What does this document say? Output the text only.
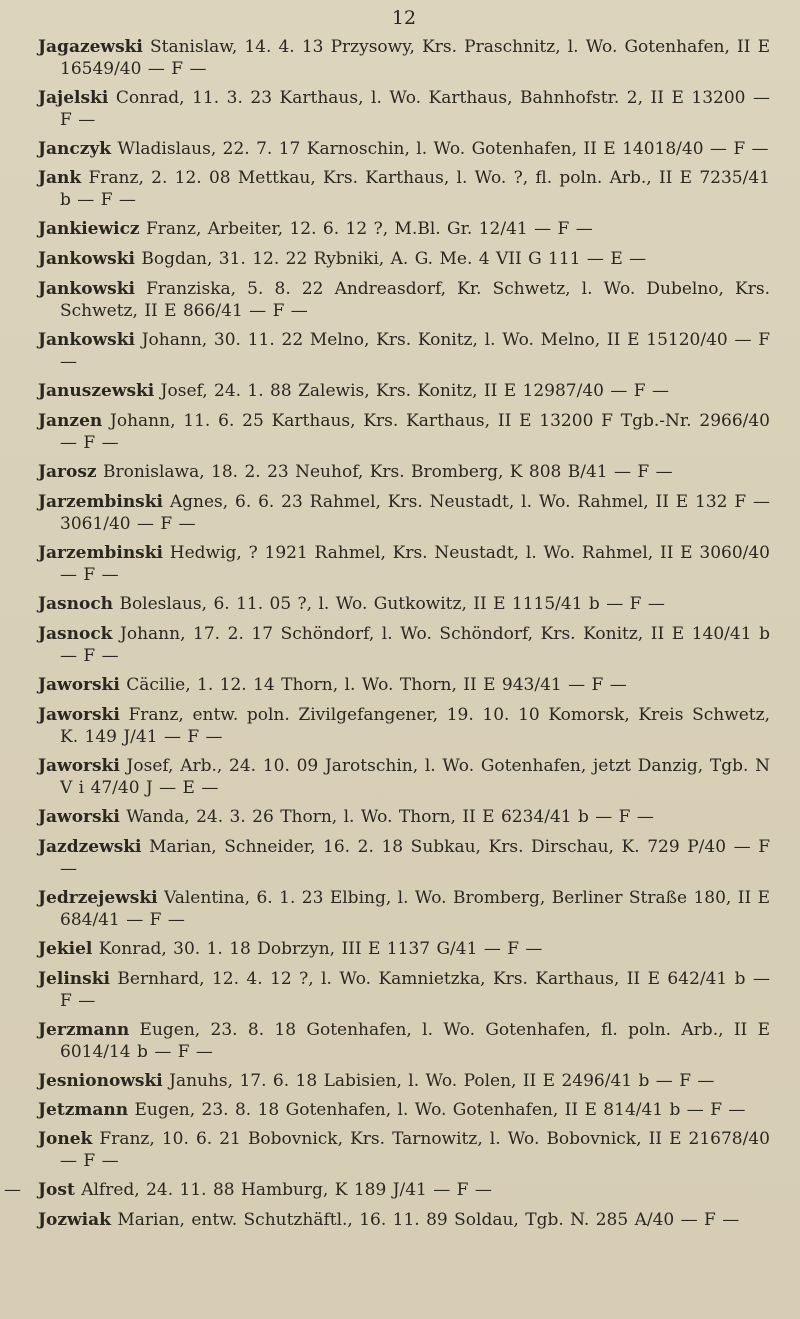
12
Jagazewski Stanislaw, 14. 4. 13 Przysowy, Krs. Praschnitz, l. Wo. Gotenhafen, II E 16549/40 — F —
Jajelski Conrad, 11. 3. 23 Karthaus, l. Wo. Karthaus, Bahnhofstr. 2, II E 13200 — F —
Janczyk Wladislaus, 22. 7. 17 Karnoschin, l. Wo. Gotenhafen, II E 14018/40 — F —
Jank Franz, 2. 12. 08 Mettkau, Krs. Karthaus, l. Wo. ?, fl. poln. Arb., II E 7235/41 b — F —
Jankiewicz Franz, Arbeiter, 12. 6. 12 ?, M.Bl. Gr. 12/41 — F —
Jankowski Bogdan, 31. 12. 22 Rybniki, A. G. Me. 4 VII G 111 — E —
Jankowski Franziska, 5. 8. 22 Andreasdorf, Kr. Schwetz, l. Wo. Dubelno, Krs. Schwetz, II E 866/41 — F —
Jankowski Johann, 30. 11. 22 Melno, Krs. Konitz, l. Wo. Melno, II E 15120/40 — F —
Januszewski Josef, 24. 1. 88 Zalewis, Krs. Konitz, II E 12987/40 — F —
Janzen Johann, 11. 6. 25 Karthaus, Krs. Karthaus, II E 13200 F Tgb.-Nr. 2966/40 — F —
Jarosz Bronislawa, 18. 2. 23 Neuhof, Krs. Bromberg, K 808 B/41 — F —
Jarzembinski Agnes, 6. 6. 23 Rahmel, Krs. Neustadt, l. Wo. Rahmel, II E 132 F — 3061/40 — F —
Jarzembinski Hedwig, ? 1921 Rahmel, Krs. Neustadt, l. Wo. Rahmel, II E 3060/40 — F —
Jasnoch Boleslaus, 6. 11. 05 ?, l. Wo. Gutkowitz, II E 1115/41 b — F —
Jasnock Johann, 17. 2. 17 Schöndorf, l. Wo. Schöndorf, Krs. Konitz, II E 140/41 b — F —
Jaworski Cäcilie, 1. 12. 14 Thorn, l. Wo. Thorn, II E 943/41 — F —
Jaworski Franz, entw. poln. Zivilgefangener, 19. 10. 10 Komorsk, Kreis Schwetz, K. 149 J/41 — F —
Jaworski Josef, Arb., 24. 10. 09 Jarotschin, l. Wo. Gotenhafen, jetzt Danzig, Tgb. N V i 47/40 J — E —
Jaworski Wanda, 24. 3. 26 Thorn, l. Wo. Thorn, II E 6234/41 b — F —
Jazdzewski Marian, Schneider, 16. 2. 18 Subkau, Krs. Dirschau, K. 729 P/40 — F —
Jedrzejewski Valentina, 6. 1. 23 Elbing, l. Wo. Bromberg, Berliner Straße 180, II E 684/41 — F —
Jekiel Konrad, 30. 1. 18 Dobrzyn, III E 1137 G/41 — F —
Jelinski Bernhard, 12. 4. 12 ?, l. Wo. Kamnietzka, Krs. Karthaus, II E 642/41 b — F —
Jerzmann Eugen, 23. 8. 18 Gotenhafen, l. Wo. Gotenhafen, fl. poln. Arb., II E 6014/14 b — F —
Jesnionowski Januhs, 17. 6. 18 Labisien, l. Wo. Polen, II E 2496/41 b — F —
Jetzmann Eugen, 23. 8. 18 Gotenhafen, l. Wo. Gotenhafen, II E 814/41 b — F —
Jonek Franz, 10. 6. 21 Bobovnick, Krs. Tarnowitz, l. Wo. Bobovnick, II E 21678/40 — F —
— Jost Alfred, 24. 11. 88 Hamburg, K 189 J/41 — F —
Jozwiak Marian, entw. Schutzhäftl., 16. 11. 89 Soldau, Tgb. N. 285 A/40 — F —
